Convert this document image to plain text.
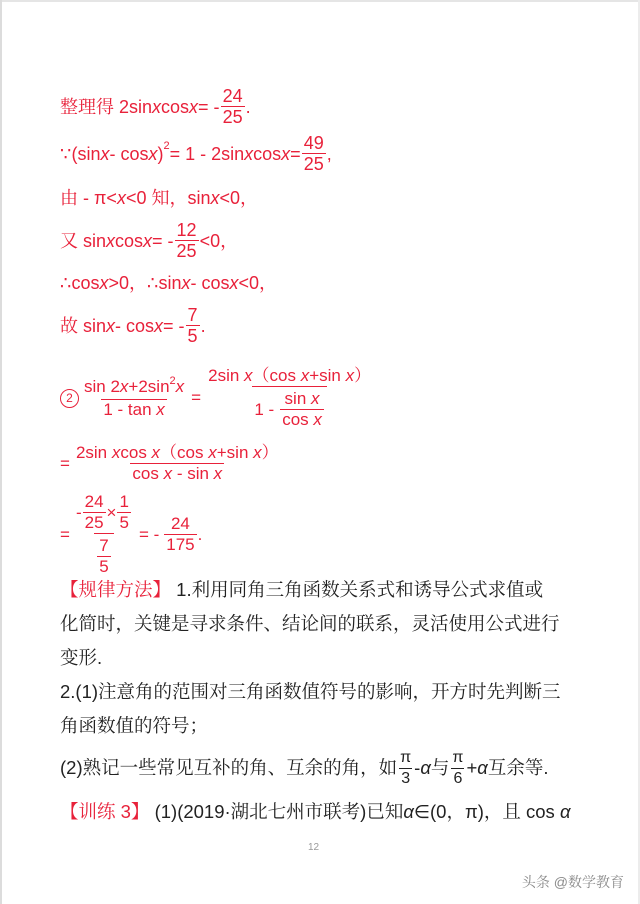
整理得 2sin x cos x = - $\frac{24}{25}$ .
∵(sin x - cos x ) 2 = 1 - 2sin x $\cos x = \frac{49}{25}$ ,
由 - π< x <0 知，sin x <0，
又 sin x cos x = - $\frac{12}{25} <0$，
∴cos x >0，∴sin x - cos x <0，
故 sin x - cos x = - $\frac{7}{5}$ .
$2 \frac{\sin 2x+2\sin^2x}{\text{1 - tan x}} = \frac{\text{2sin x（cos x+sin x）}}{1 - \frac{\text{sin x}}{\text{cos x}}}$
= $\frac{\text{2sin xcos x（cos x+sin x）}}{\text{cos x - sin x}}$
= $\frac{- \frac{24}{25} \times \frac{1}{5}}{\frac{7}{5}}$ = - $\frac{24}{175}$ .
【规律方法】 1.利用同角三角函数关系式和诱导公式求值或
化简时，关键是寻求条件、结论间的联系，灵活使用公式进行
变形.
2.(1)注意角的范围对三角函数值符号的影响，开方时先判断三
角函数值的符号；
(2)熟记一些常见互补的角、互余的角，如 $\frac{\pi}{3}$ - α 与 $\frac{\pi}{6} + \alpha$ 互余等.
【训练 3】 (1)(2019·湖北七州市联考)已知α∈(0，π)，且 cos α
12
头条 @数学教育
